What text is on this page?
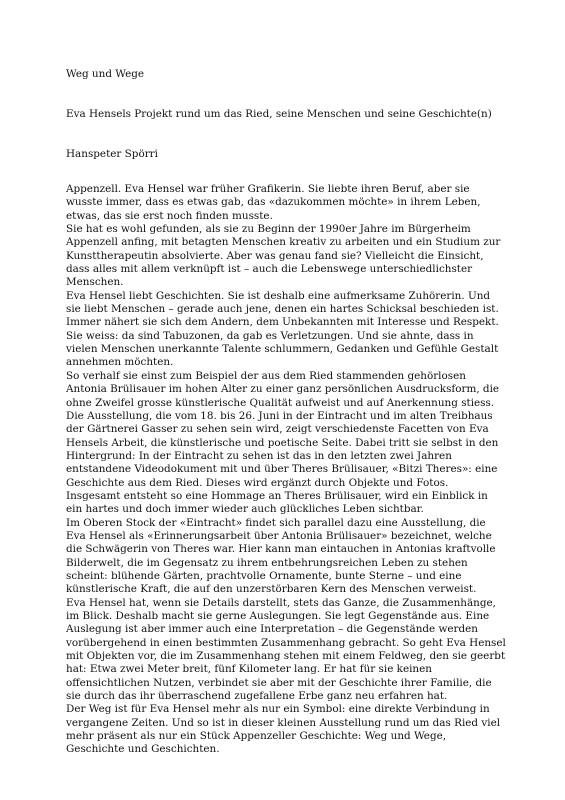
Weg und Wege
Eva Hensels Projekt rund um das Ried, seine Menschen und seine Geschichte(n)
Hanspeter Spörri

Appenzell. Eva Hensel war früher Grafikerin. Sie liebte ihren Beruf, aber sie wusste immer, dass es etwas gab, das «dazukommen möchte» in ihrem Leben, etwas, das sie erst noch finden musste.

Sie hat es wohl gefunden, als sie zu Beginn der 1990er Jahre im Bürgerheim Appenzell anfing, mit betagten Menschen kreativ zu arbeiten und ein Studium zur Kunsttherapeutin absolvierte. Aber was genau fand sie? Vielleicht die Einsicht, dass alles mit allem verknüpft ist – auch die Lebenswege unterschiedlichster Menschen.

Eva Hensel liebt Geschichten. Sie ist deshalb eine aufmerksame Zuhörerin. Und sie liebt Menschen – gerade auch jene, denen ein hartes Schicksal beschieden ist. Immer nähert sie sich dem Andern, dem Unbekannten mit Interesse und Respekt. Sie weiss: da sind Tabuzonen, da gab es Verletzungen. Und sie ahnte, dass in vielen Menschen unerkannte Talente schlummern, Gedanken und Gefühle Gestalt annehmen möchten.

So verhalf sie einst zum Beispiel der aus dem Ried stammenden gehörlosen Antonia Brülisauer im hohen Alter zu einer ganz persönlichen Ausdrucksform, die ohne Zweifel grosse künstlerische Qualität aufweist und auf Anerkennung stiess.

Die Ausstellung, die vom 18. bis 26. Juni in der Eintracht und im alten Treibhaus der Gärtnerei Gasser zu sehen sein wird, zeigt verschiedenste Facetten von Eva Hensels Arbeit, die künstlerische und poetische Seite. Dabei tritt sie selbst in den Hintergrund: In der Eintracht zu sehen ist das in den letzten zwei Jahren entstandene Videodokument mit und über Theres Brülisauer, «Bitzi Theres»: eine Geschichte aus dem Ried. Dieses wird ergänzt durch Objekte und Fotos. Insgesamt entsteht so eine Hommage an Theres Brülisauer, wird ein Einblick in ein hartes und doch immer wieder auch glückliches Leben sichtbar.

Im Oberen Stock der «Eintracht» findet sich parallel dazu eine Ausstellung, die Eva Hensel als «Erinnerungsarbeit über Antonia Brülisauer» bezeichnet, welche die Schwägerin von Theres war. Hier kann man eintauchen in Antonias kraftvolle Bilderwelt, die im Gegensatz zu ihrem entbehrungsreichen Leben zu stehen scheint: blühende Gärten, prachtvolle Ornamente, bunte Sterne – und eine künstlerische Kraft, die auf den unzerstörbaren Kern des Menschen verweist.

Eva Hensel hat, wenn sie Details darstellt, stets das Ganze, die Zusammenhänge, im Blick. Deshalb macht sie gerne Auslegungen. Sie legt Gegenstände aus. Eine Auslegung ist aber immer auch eine Interpretation – die Gegenstände werden vorübergehend in einen bestimmten Zusammenhang gebracht. So geht Eva Hensel mit Objekten vor, die im Zusammenhang stehen mit einem Feldweg, den sie geerbt hat: Etwa zwei Meter breit, fünf Kilometer lang. Er hat für sie keinen offensichtlichen Nutzen, verbindet sie aber mit der Geschichte ihrer Familie, die sie durch das ihr überraschend zugefallene Erbe ganz neu erfahren hat.

Der Weg ist für Eva Hensel mehr als nur ein Symbol: eine direkte Verbindung in vergangene Zeiten. Und so ist in dieser kleinen Ausstellung rund um das Ried viel mehr präsent als nur ein Stück Appenzeller Geschichte: Weg und Wege, Geschichte und Geschichten.
